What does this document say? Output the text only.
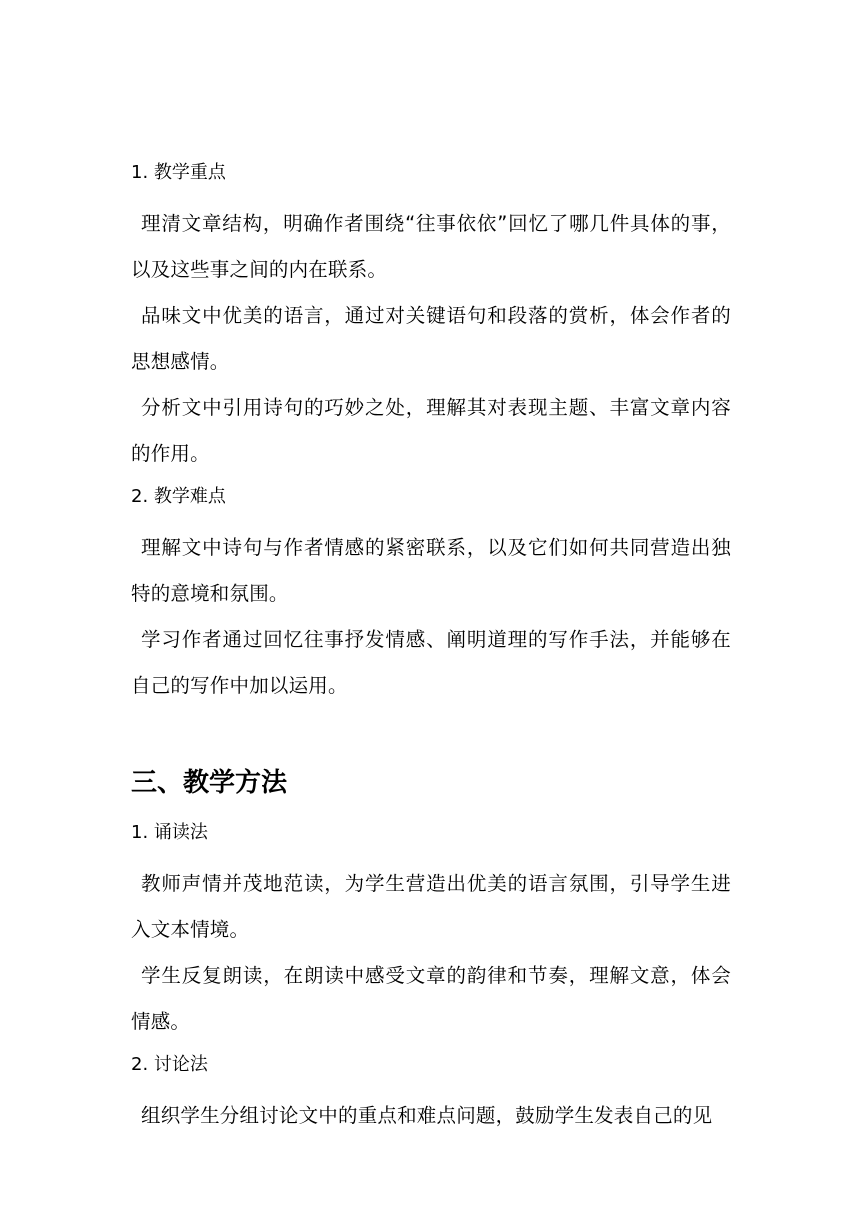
1. 教学重点

理清文章结构，明确作者围绕“往事依依”回忆了哪几件具体的事，以及这些事之间的内在联系。

品味文中优美的语言，通过对关键语句和段落的赏析，体会作者的思想感情。

分析文中引用诗句的巧妙之处，理解其对表现主题、丰富文章内容的作用。

2. 教学难点

理解文中诗句与作者情感的紧密联系，以及它们如何共同营造出独特的意境和氛围。

学习作者通过回忆往事抒发情感、阐明道理的写作手法，并能够在自己的写作中加以运用。

三、教学方法
1. 诵读法

教师声情并茂地范读，为学生营造出优美的语言氛围，引导学生进入文本情境。

学生反复朗读，在朗读中感受文章的韵律和节奏，理解文意，体会情感。

2. 讨论法

组织学生分组讨论文中的重点和难点问题，鼓励学生发表自己的见
